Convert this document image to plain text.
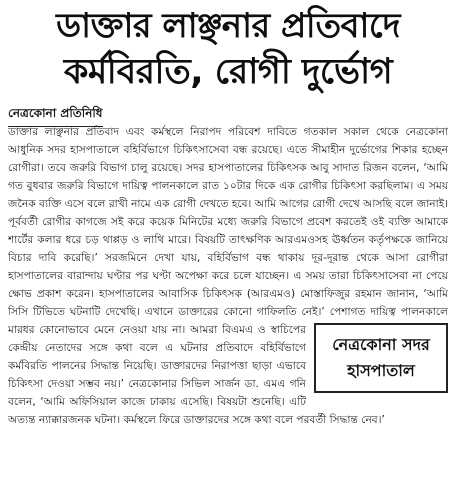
ডাক্তার লাঞ্ছনার প্রতিবাদে
কর্মবিরতি, রোগী দুর্ভোগ
নেত্রকোনা প্রতিনিধি
নেত্রকোনা সদর
হাসপাতাল

ডাক্তার লাঞ্ছনার প্রতিবাদ এবং কর্মস্থলে নিরাপদ পরিবেশ দাবিতে গতকাল সকাল থেকে নেত্রকোনা আধুনিক সদর হাসপাতালে বহির্বিভাগে চিকিৎসাসেবা বন্ধ রয়েছে। এতে সীমাহীন দুর্ভোগের শিকার হচ্ছেন রোগীরা। তবে জরুরি বিভাগ চালু রয়েছে। সদর হাসপাতালের চিকিৎসক আবু সাদাত রিজন বলেন, ‘আমি গত বুধবার জরুরি বিভাগে দায়িত্ব পালনকালে রাত ১০টার দিকে এক রোগীর চিকিৎসা করছিলাম। এ সময় জনৈক ব্যক্তি এসে বলে রাখী নামে এক রোগী দেখতে হবে। আমি আগের রোগী দেখে আসছি বলে জানাই। পূর্ববর্তী রোগীর কাগজে সই করে কয়েক মিনিটের মধ্যে জরুরি বিভাগে প্রবেশ করতেই ওই ব্যক্তি আমাকে শার্টের কলার ধরে চড় থাপ্পড় ও লাথি মারে। বিষয়টি তাৎক্ষণিক আরএমওসহ ঊর্ধ্বতন কর্তৃপক্ষকে জানিয়ে বিচার দাবি করেছি।’ সরজমিনে দেখা যায়, বহির্বিভাগ বন্ধ থাকায় দূর-দূরান্ত থেকে আসা রোগীরা হাসপাতালের বারান্দায় ঘণ্টার পর ঘণ্টা অপেক্ষা করে চলে যাচ্ছেন। এ সময় তারা চিকিৎসাসেবা না পেয়ে ক্ষোভ প্রকাশ করেন। হাসপাতালের আবাসিক চিকিৎসক (আরএমও) মোস্তাফিজুর রহমান জানান, ‘আমি সিসি টিভিতে ঘটনাটি দেখেছি। এখানে ডাক্তারের কোনো গাফিলতি নেই।’ পেশাগত দায়িত্ব পালনকালে মারধর কোনোভাবে মেনে নেওয়া যায় না। আমরা বিএমএ ও স্বাচিপের কেন্দ্রীয় নেতাদের সঙ্গে কথা বলে এ ঘটনার প্রতিবাদে বহির্বিভাগে কর্মবিরতি পালনের সিদ্ধান্ত নিয়েছি। ডাক্তারদের নিরাপত্তা ছাড়া এভাবে চিকিৎসা দেওয়া সম্ভব নয়।’ নেত্রকোনার সিভিল সার্জন ডা. এমএ গনি বলেন, ‘আমি অফিসিয়াল কাজে ঢাকায় এসেছি। বিষয়টা শুনেছি। এটি অত্যন্ত ন্যাক্কারজনক ঘটনা। কর্মস্থলে ফিরে ডাক্তারদের সঙ্গে কথা বলে পরবর্তী সিদ্ধান্ত নেব।’
